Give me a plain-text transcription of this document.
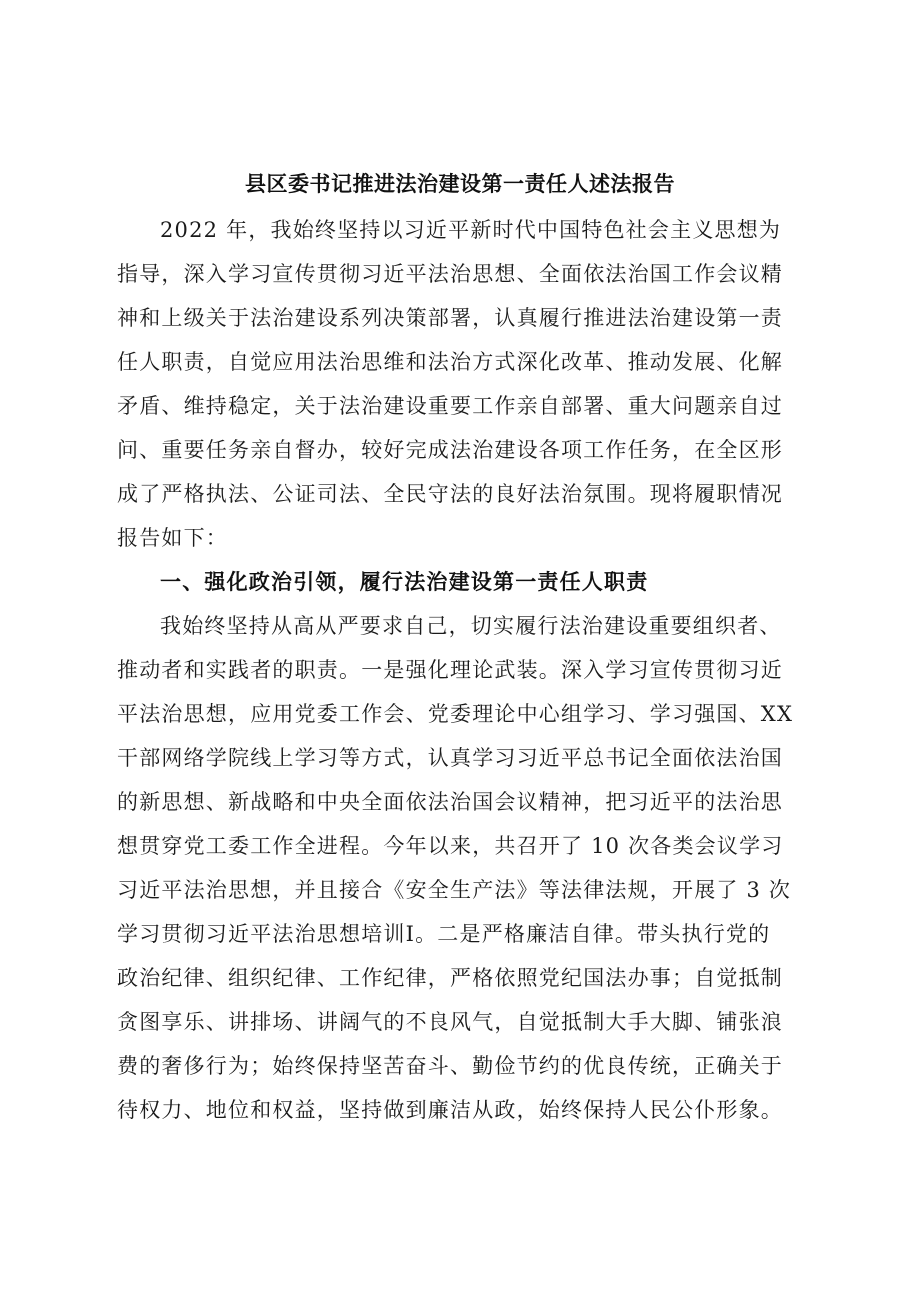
县区委书记推进法治建设第一责任人述法报告
2022 年，我始终坚持以习近平新时代中国特色社会主义思想为
指导，深入学习宣传贯彻习近平法治思想、全面依法治国工作会议精
神和上级关于法治建设系列决策部署，认真履行推进法治建设第一责
任人职责，自觉应用法治思维和法治方式深化改革、推动发展、化解
矛盾、维持稳定，关于法治建设重要工作亲自部署、重大问题亲自过
问、重要任务亲自督办，较好完成法治建设各项工作任务，在全区形
成了严格执法、公证司法、全民守法的良好法治氛围。现将履职情况
报告如下：
一、强化政治引领，履行法治建设第一责任人职责
我始终坚持从高从严要求自己，切实履行法治建设重要组织者、
推动者和实践者的职责。一是强化理论武装。深入学习宣传贯彻习近
平法治思想，应用党委工作会、党委理论中心组学习、学习强国、XX
干部网络学院线上学习等方式，认真学习习近平总书记全面依法治国
的新思想、新战略和中央全面依法治国会议精神，把习近平的法治思
想贯穿党工委工作全进程。今年以来，共召开了 10 次各类会议学习
习近平法治思想，并且接合《安全生产法》等法律法规，开展了 3 次
学习贯彻习近平法治思想培训Ⅰ。二是严格廉洁自律。带头执行党的
政治纪律、组织纪律、工作纪律，严格依照党纪国法办事；自觉抵制
贪图享乐、讲排场、讲阔气的不良风气，自觉抵制大手大脚、铺张浪
费的奢侈行为；始终保持坚苦奋斗、勤俭节约的优良传统，正确关于
待权力、地位和权益，坚持做到廉洁从政，始终保持人民公仆形象。
